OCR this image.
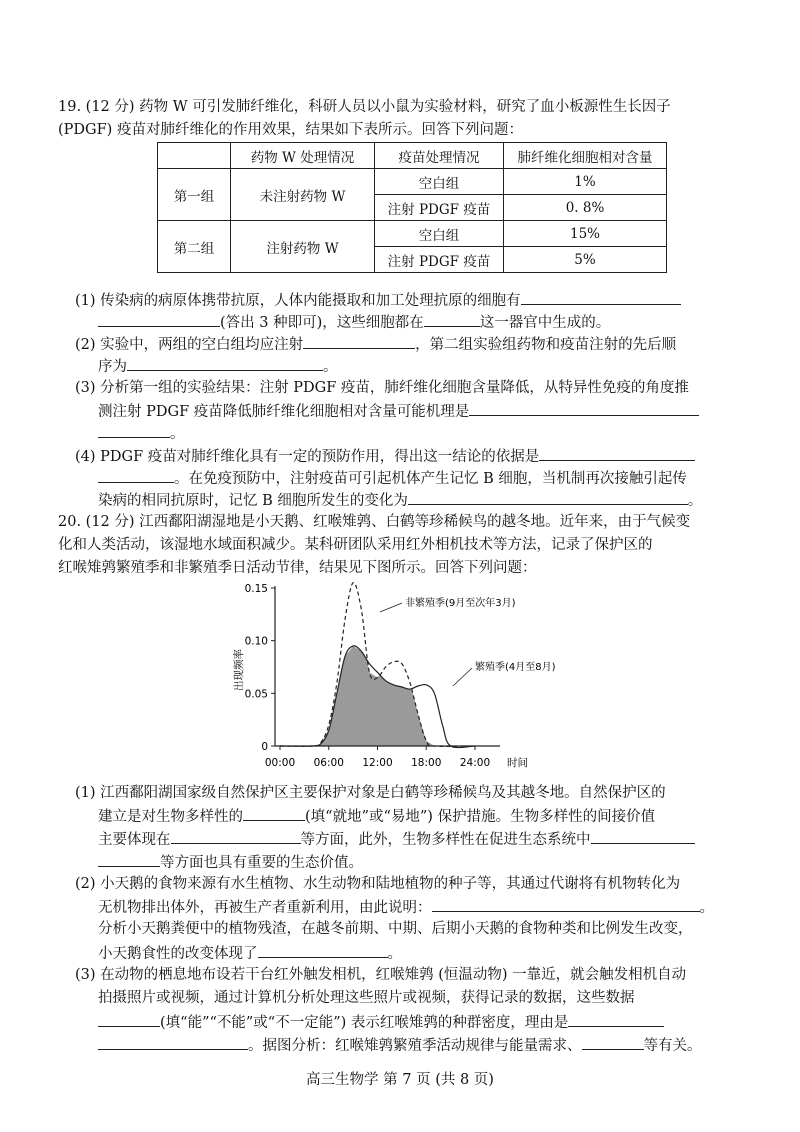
19. (12 分) 药物 W 可引发肺纤维化，科研人员以小鼠为实验材料，研究了血小板源性生长因子
(PDGF) 疫苗对肺纤维化的作用效果，结果如下表所示。回答下列问题：
	药物 W 处理情况	疫苗处理情况	肺纤维化细胞相对含量
第一组	未注射药物 W	空白组	1%
		注射 PDGF 疫苗	0. 8%
第二组	注射药物 W	空白组	15%
		注射 PDGF 疫苗	5%
(1) 传染病的病原体携带抗原，人体内能摄取和加工处理抗原的细胞有
(答出 3 种即可)，这些细胞都在	这一器官中生成的。
(2) 实验中，两组的空白组均应注射	，第二组实验组药物和疫苗注射的先后顺
序为	。
(3) 分析第一组的实验结果：注射 PDGF 疫苗，肺纤维化细胞含量降低，从特异性免疫的角度推
测注射 PDGF 疫苗降低肺纤维化细胞相对含量可能机理是
。
(4) PDGF 疫苗对肺纤维化具有一定的预防作用，得出这一结论的依据是
。在免疫预防中，注射疫苗可引起机体产生记忆 B 细胞，当机制再次接触引起传
染病的相同抗原时，记忆 B 细胞所发生的变化为	。
20. (12 分) 江西鄱阳湖湿地是小天鹅、红喉雉鹑、白鹤等珍稀候鸟的越冬地。近年来，由于气候变
化和人类活动，该湿地水域面积减少。某科研团队采用红外相机技术等方法，记录了保护区的
红喉雉鹑繁殖季和非繁殖季日活动节律，结果见下图所示。回答下列问题：
0
0.05
0.10
0.15
00:00 06:00 12:00 18:00 24:00
出现频率
时间
非繁殖季(9月至次年3月)
繁殖季(4月至8月)
(1) 江西鄱阳湖国家级自然保护区主要保护对象是白鹤等珍稀候鸟及其越冬地。自然保护区的
建立是对生物多样性的	(填“就地”或“易地”) 保护措施。生物多样性的间接价值
主要体现在	等方面，此外，生物多样性在促进生态系统中
等方面也具有重要的生态价值。
(2) 小天鹅的食物来源有水生植物、水生动物和陆地植物的种子等，其通过代谢将有机物转化为
无机物排出体外，再被生产者重新利用，由此说明：	。
分析小天鹅粪便中的植物残渣，在越冬前期、中期、后期小天鹅的食物种类和比例发生改变，
小天鹅食性的改变体现了	。
(3) 在动物的栖息地布设若干台红外触发相机，红喉雉鹑 (恒温动物) 一靠近，就会触发相机自动
拍摄照片或视频，通过计算机分析处理这些照片或视频，获得记录的数据，这些数据
(填“能”“不能”或“不一定能”) 表示红喉雉鹑的种群密度，理由是
。据图分析：红喉雉鹑繁殖季活动规律与能量需求、	等有关。
高三生物学 第 7 页 (共 8 页)
